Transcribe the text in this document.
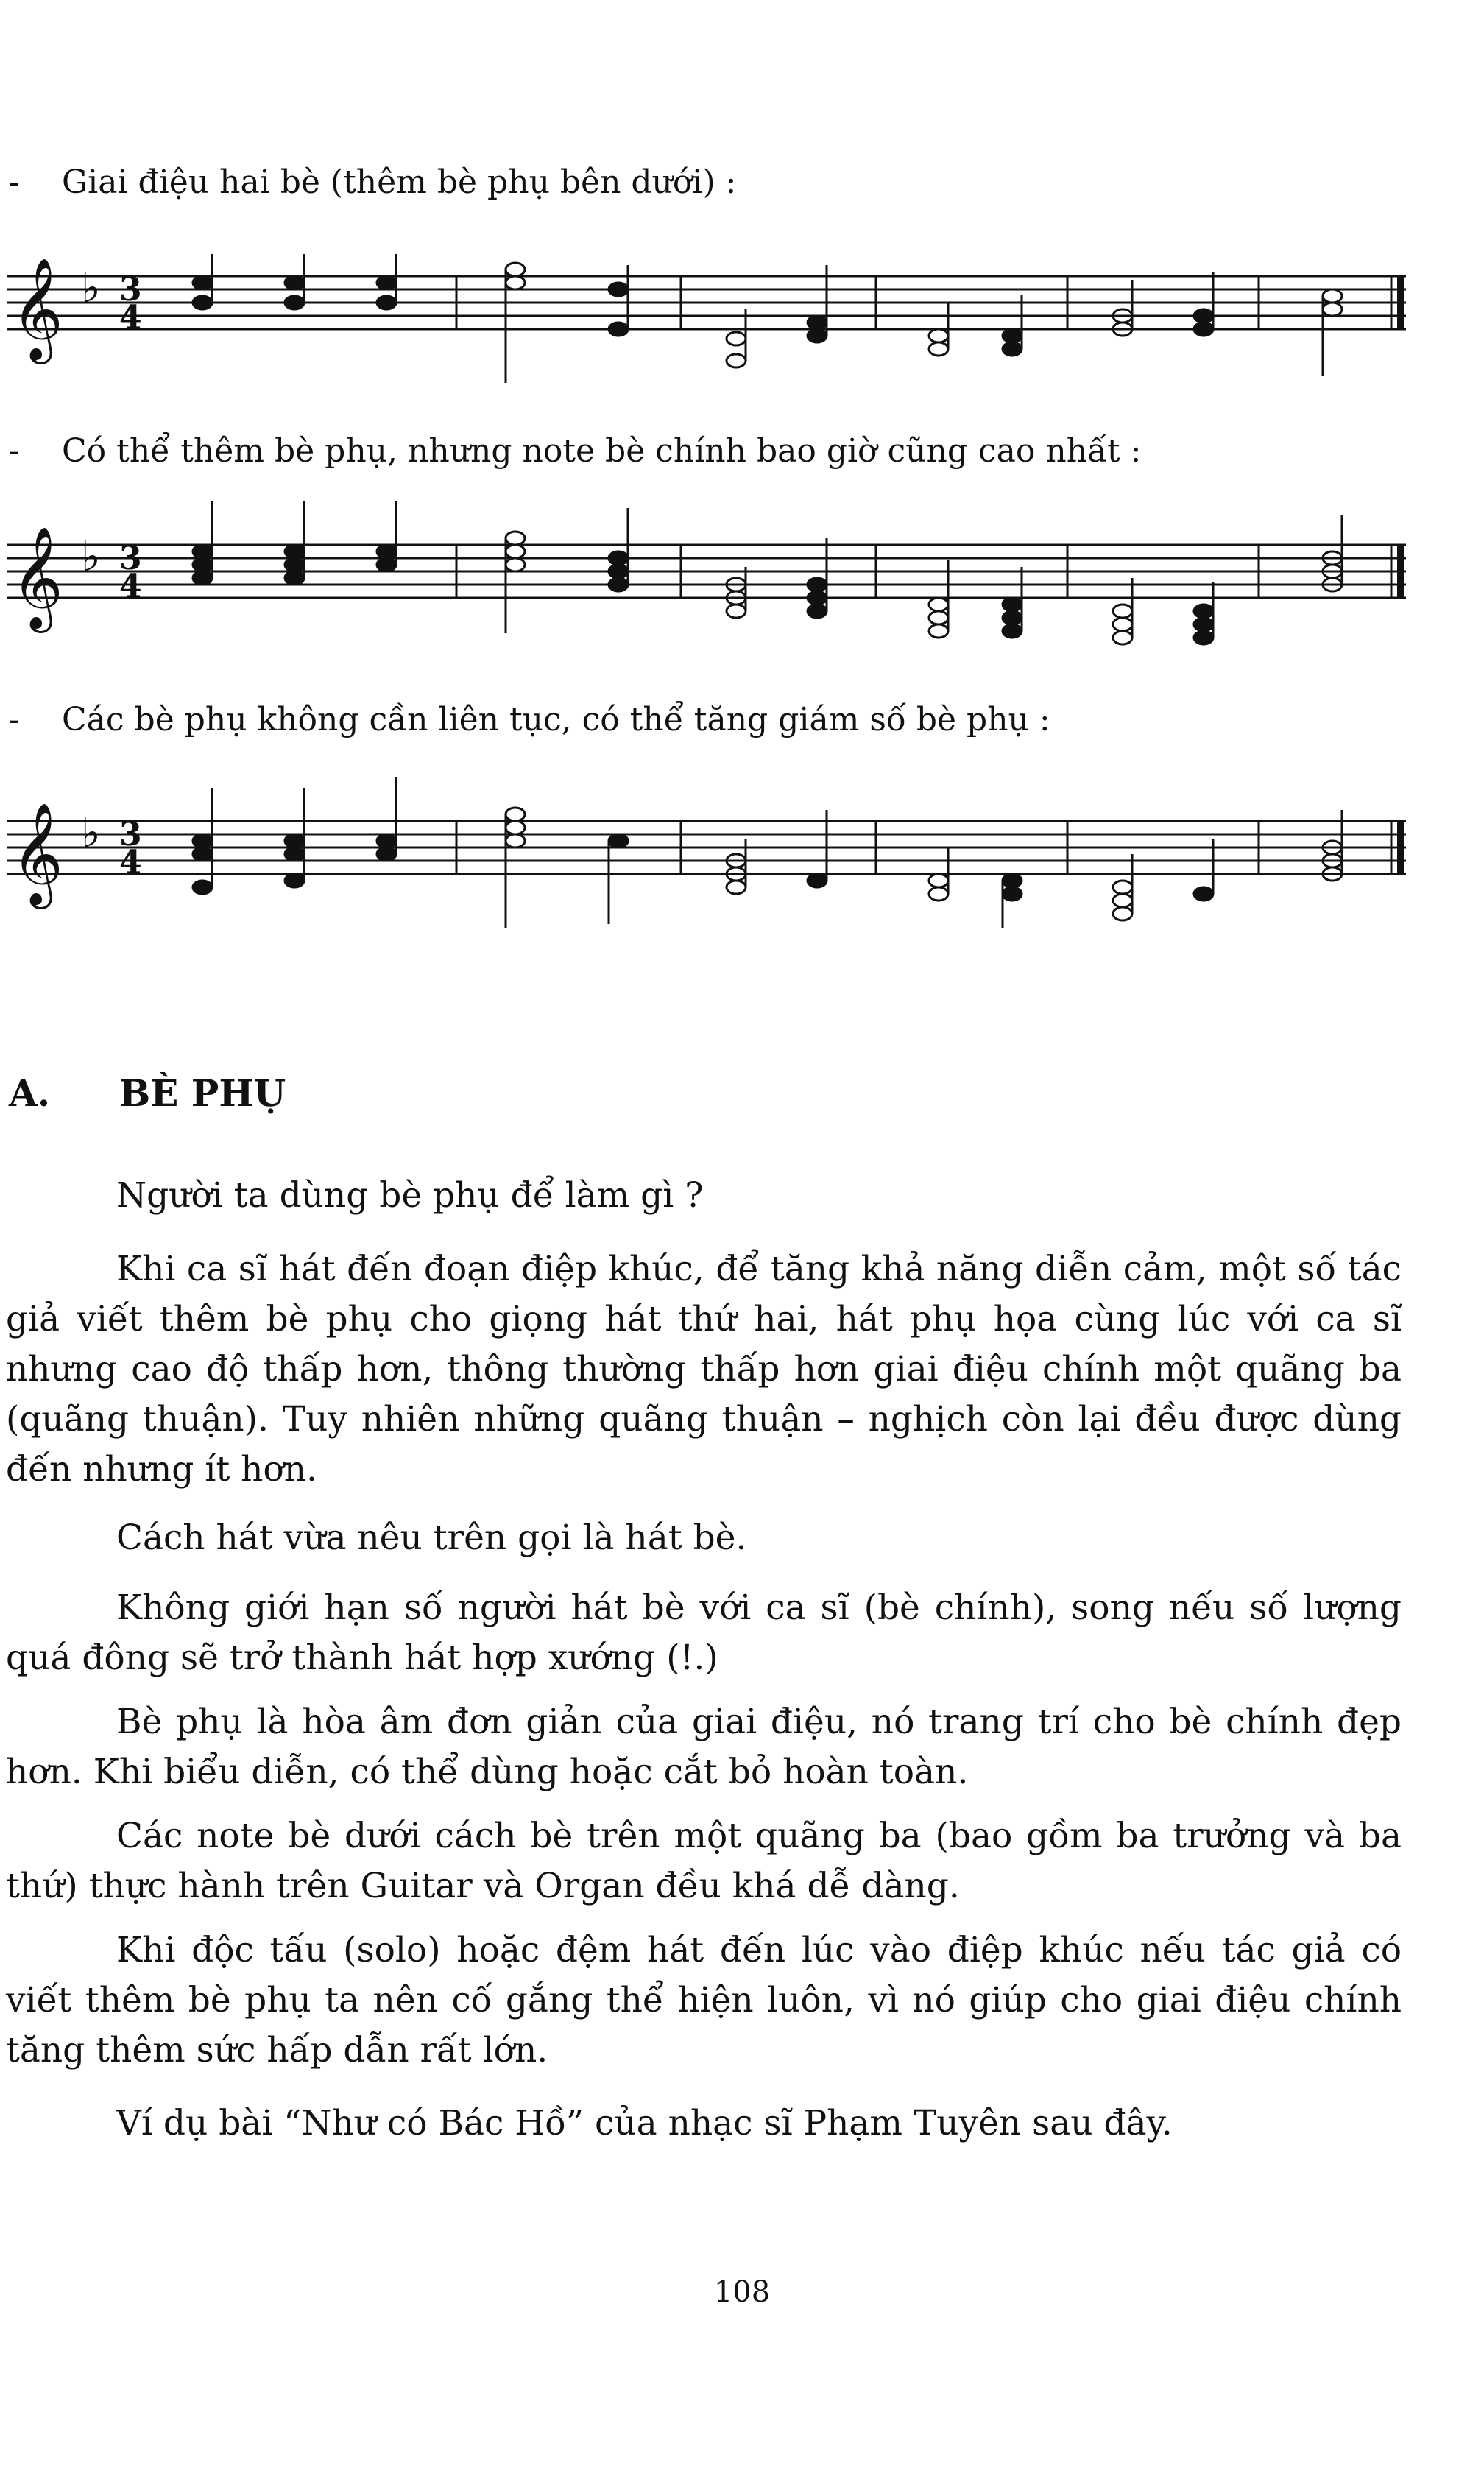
- Giai điệu hai bè (thêm bè phụ bên dưới) :
𝄞 ♭ 3
4
- Có thể thêm bè phụ, nhưng note bè chính bao giờ cũng cao nhất :
𝄞 ♭ 3
4
- Các bè phụ không cần liên tục, có thể tăng giám số bè phụ :
𝄞 ♭ 3
4
A. BÈ PHỤ

Người ta dùng bè phụ để làm gì ?

Khi ca sĩ hát đến đoạn điệp khúc, để tăng khả năng diễn cảm, một số tác giả viết thêm bè phụ cho giọng hát thứ hai, hát phụ họa cùng lúc với ca sĩ nhưng cao độ thấp hơn, thông thường thấp hơn giai điệu chính một quãng ba (quãng thuận). Tuy nhiên những quãng thuận – nghịch còn lại đều được dùng đến nhưng ít hơn.

Cách hát vừa nêu trên gọi là hát bè.

Không giới hạn số người hát bè với ca sĩ (bè chính), song nếu số lượng quá đông sẽ trở thành hát hợp xướng (!.)

Bè phụ là hòa âm đơn giản của giai điệu, nó trang trí cho bè chính đẹp hơn. Khi biểu diễn, có thể dùng hoặc cắt bỏ hoàn toàn.

Các note bè dưới cách bè trên một quãng ba (bao gồm ba trưởng và ba thứ) thực hành trên Guitar và Organ đều khá dễ dàng.

Khi độc tấu (solo) hoặc đệm hát đến lúc vào điệp khúc nếu tác giả có viết thêm bè phụ ta nên cố gắng thể hiện luôn, vì nó giúp cho giai điệu chính tăng thêm sức hấp dẫn rất lớn.

Ví dụ bài “Như có Bác Hồ” của nhạc sĩ Phạm Tuyên sau đây.

108
